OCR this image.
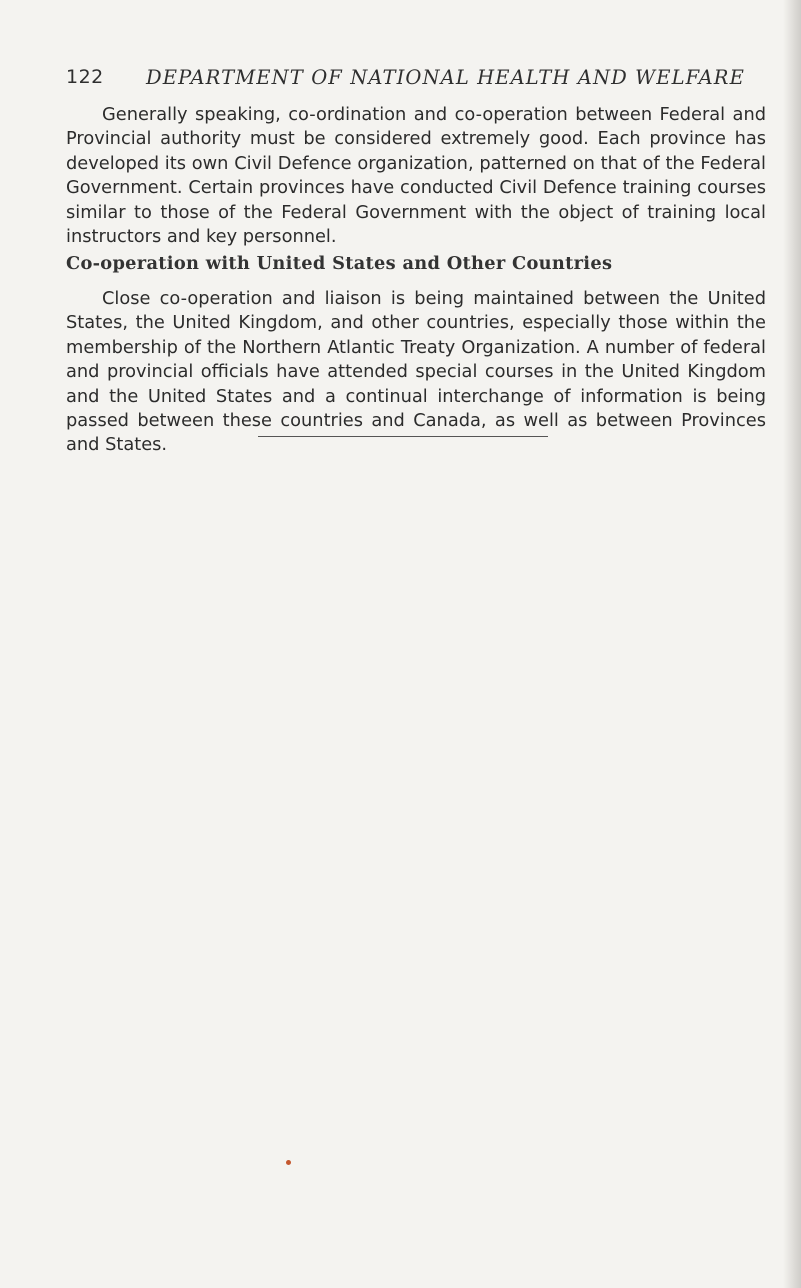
122 DEPARTMENT OF NATIONAL HEALTH AND WELFARE

Generally speaking, co-ordination and co-operation between Federal and Provincial authority must be considered extremely good. Each province has developed its own Civil Defence organization, patterned on that of the Federal Government. Certain provinces have conducted Civil Defence training courses similar to those of the Federal Government with the object of training local instructors and key personnel.

Co-operation with United States and Other Countries

Close co-operation and liaison is being maintained between the United States, the United Kingdom, and other countries, especially those within the membership of the Northern Atlantic Treaty Organization. A number of federal and provincial officials have attended special courses in the United Kingdom and the United States and a continual interchange of information is being passed between these countries and Canada, as well as between Provinces and States.
